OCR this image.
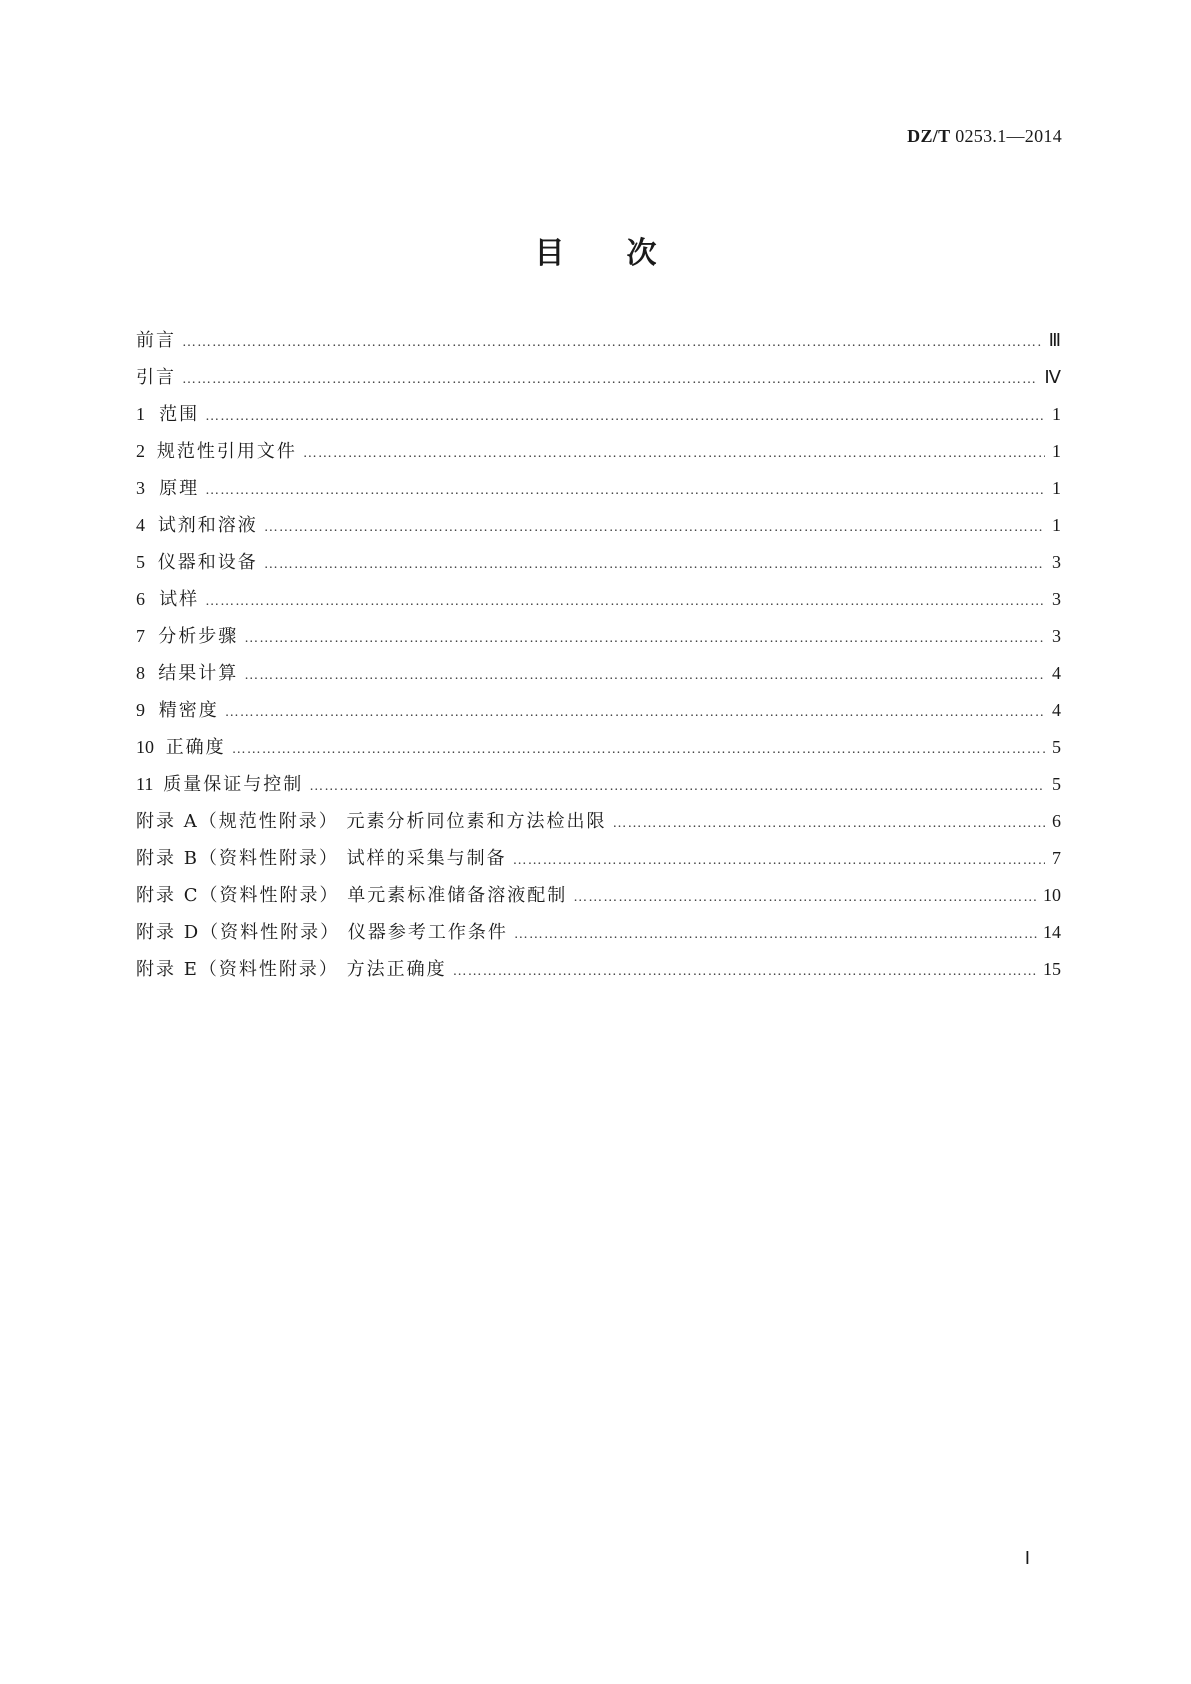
DZ/T 0253.1—2014
目次
前言 …………………………………………………………………………………………………………………………………………………………………………………………………………	Ⅲ
引言 …………………………………………………………………………………………………………………………………………………………………………………………………………	Ⅳ
1 范围 …………………………………………………………………………………………………………………………………………………………………………………………………………	1
2 规范性引用文件 …………………………………………………………………………………………………………………………………………………………………………………………………………	1
3 原理 …………………………………………………………………………………………………………………………………………………………………………………………………………	1
4 试剂和溶液 …………………………………………………………………………………………………………………………………………………………………………………………………………	1
5 仪器和设备 …………………………………………………………………………………………………………………………………………………………………………………………………………	3
6 试样 …………………………………………………………………………………………………………………………………………………………………………………………………………	3
7 分析步骤 …………………………………………………………………………………………………………………………………………………………………………………………………………	3
8 结果计算 …………………………………………………………………………………………………………………………………………………………………………………………………………	4
9 精密度 …………………………………………………………………………………………………………………………………………………………………………………………………………	4
10 正确度 …………………………………………………………………………………………………………………………………………………………………………………………………………	5
11 质量保证与控制 …………………………………………………………………………………………………………………………………………………………………………………………………………	5
附录 A（规范性附录） 元素分析同位素和方法检出限 …………………………………………………………………………………………………………………………………………………………………………………………………………	6
附录 B（资料性附录） 试样的采集与制备 …………………………………………………………………………………………………………………………………………………………………………………………………………	7
附录 C（资料性附录） 单元素标准储备溶液配制 …………………………………………………………………………………………………………………………………………………………………………………………………………	10
附录 D（资料性附录） 仪器参考工作条件 …………………………………………………………………………………………………………………………………………………………………………………………………………	14
附录 E（资料性附录） 方法正确度 …………………………………………………………………………………………………………………………………………………………………………………………………………	15
Ⅰ
